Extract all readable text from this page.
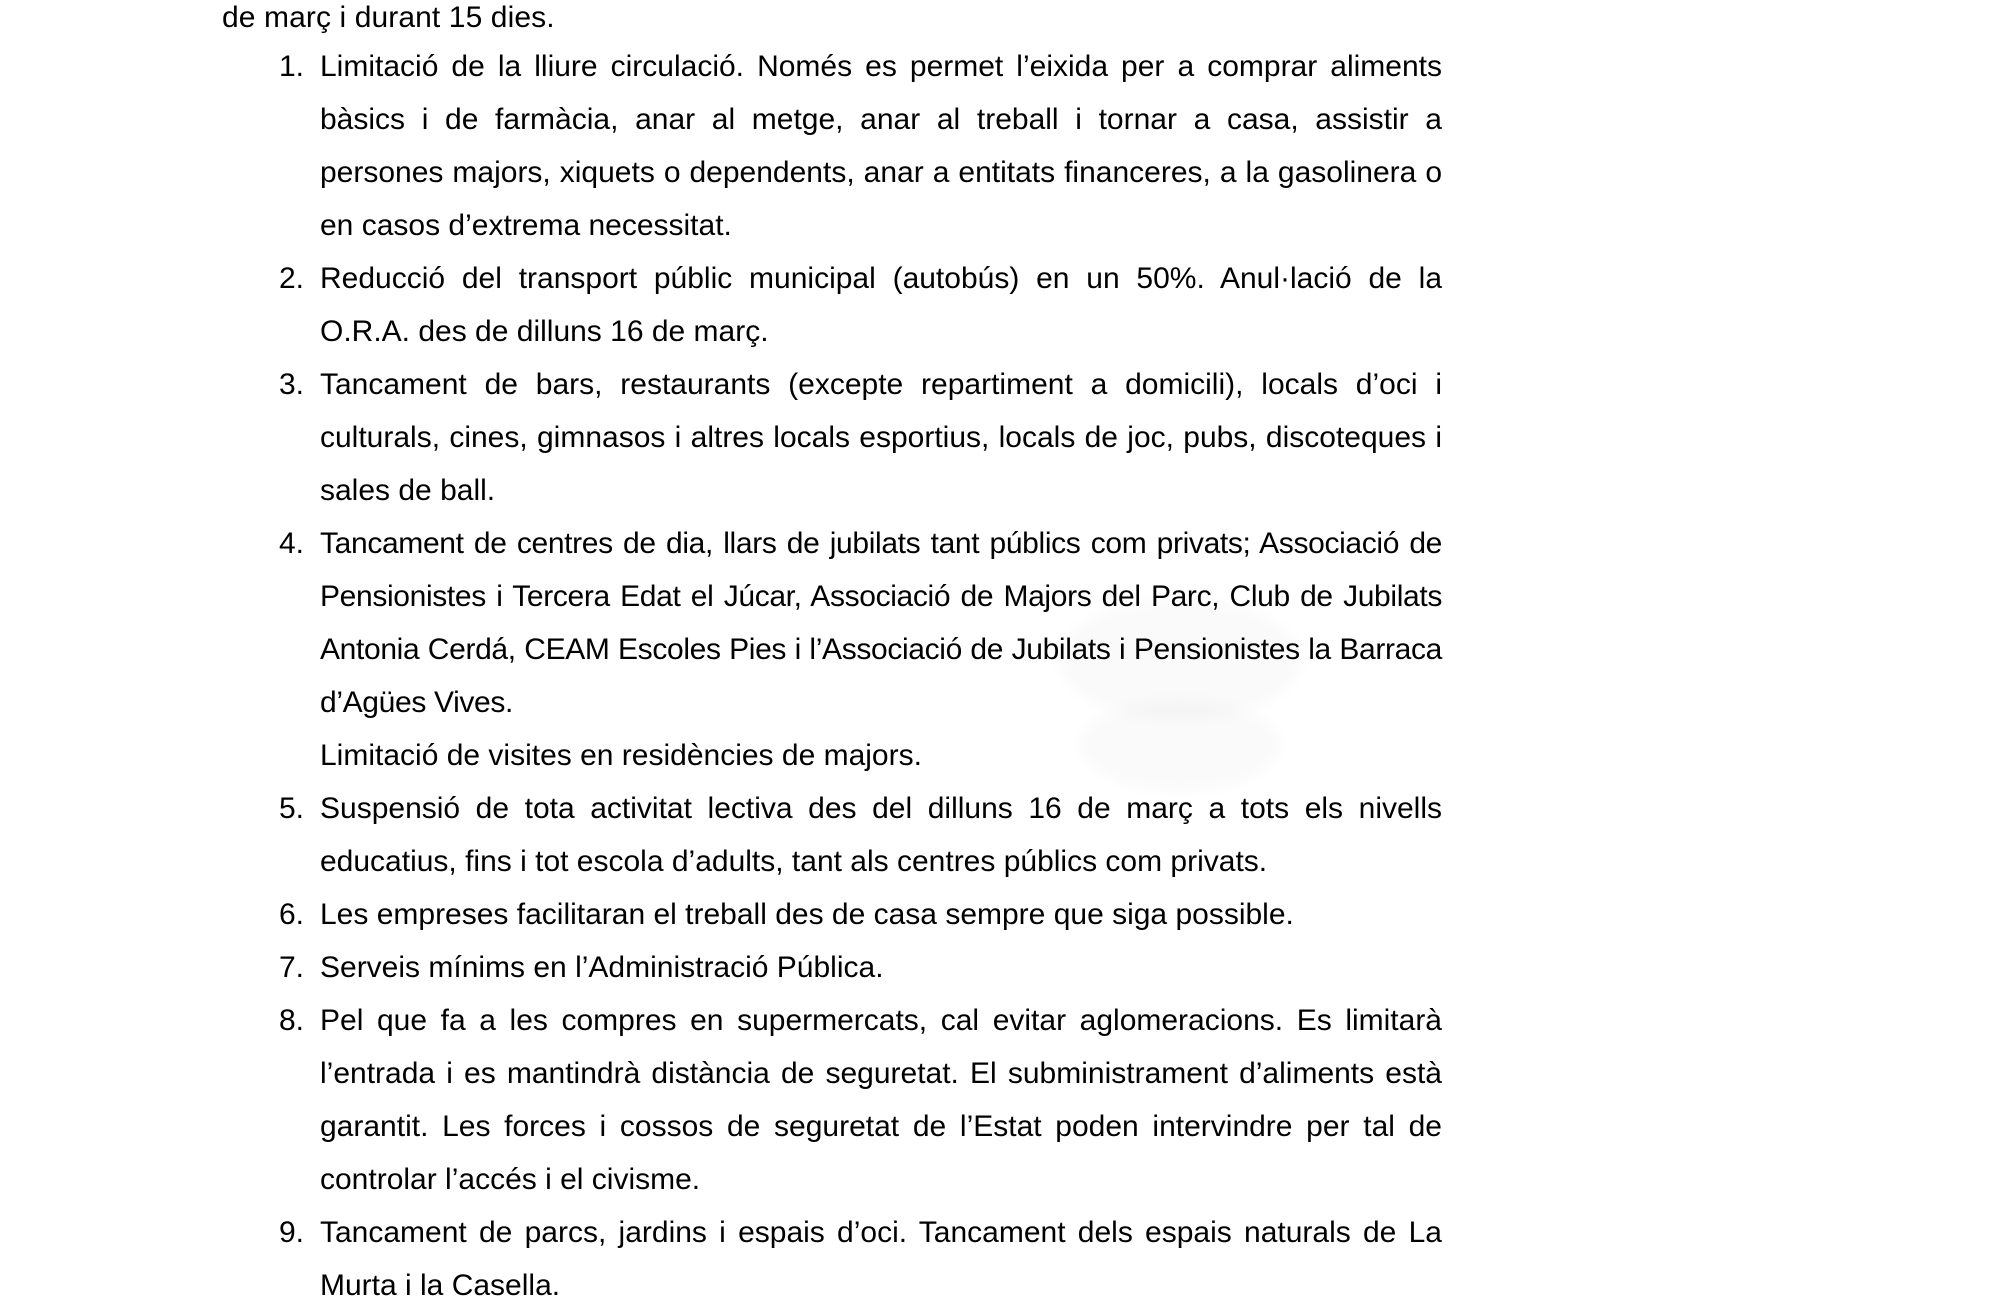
de març i durant 15 dies.

1. Limitació de la lliure circulació. Només es permet l’eixida per a comprar aliments bàsics i de farmàcia, anar al metge, anar al treball i tornar a casa, assistir a persones majors, xiquets o dependents, anar a entitats financeres, a la gasolinera o en casos d’extrema necessitat.

2. Reducció del transport públic municipal (autobús) en un 50%. Anul·lació de la O.R.A. des de dilluns 16 de març.

3. Tancament de bars, restaurants (excepte repartiment a domicili), locals d’oci i culturals, cines, gimnasos i altres locals esportius, locals de joc, pubs, discoteques i sales de ball.

4. Tancament de centres de dia, llars de jubilats tant públics com privats; Associació de Pensionistes i Tercera Edat el Júcar, Associació de Majors del Parc, Club de Jubilats Antonia Cerdá, CEAM Escoles Pies i l’Associació de Jubilats i Pensionistes la Barraca d’Agües Vives.

Limitació de visites en residències de majors.

5. Suspensió de tota activitat lectiva des del dilluns 16 de març a tots els nivells educatius, fins i tot escola d’adults, tant als centres públics com privats.

6. Les empreses facilitaran el treball des de casa sempre que siga possible.

7. Serveis mínims en l’Administració Pública.

8. Pel que fa a les compres en supermercats, cal evitar aglomeracions. Es limitarà l’entrada i es mantindrà distància de seguretat. El subministrament d’aliments està garantit. Les forces i cossos de seguretat de l’Estat poden intervindre per tal de controlar l’accés i el civisme.

9. Tancament de parcs, jardins i espais d’oci. Tancament dels espais naturals de La Murta i la Casella.
